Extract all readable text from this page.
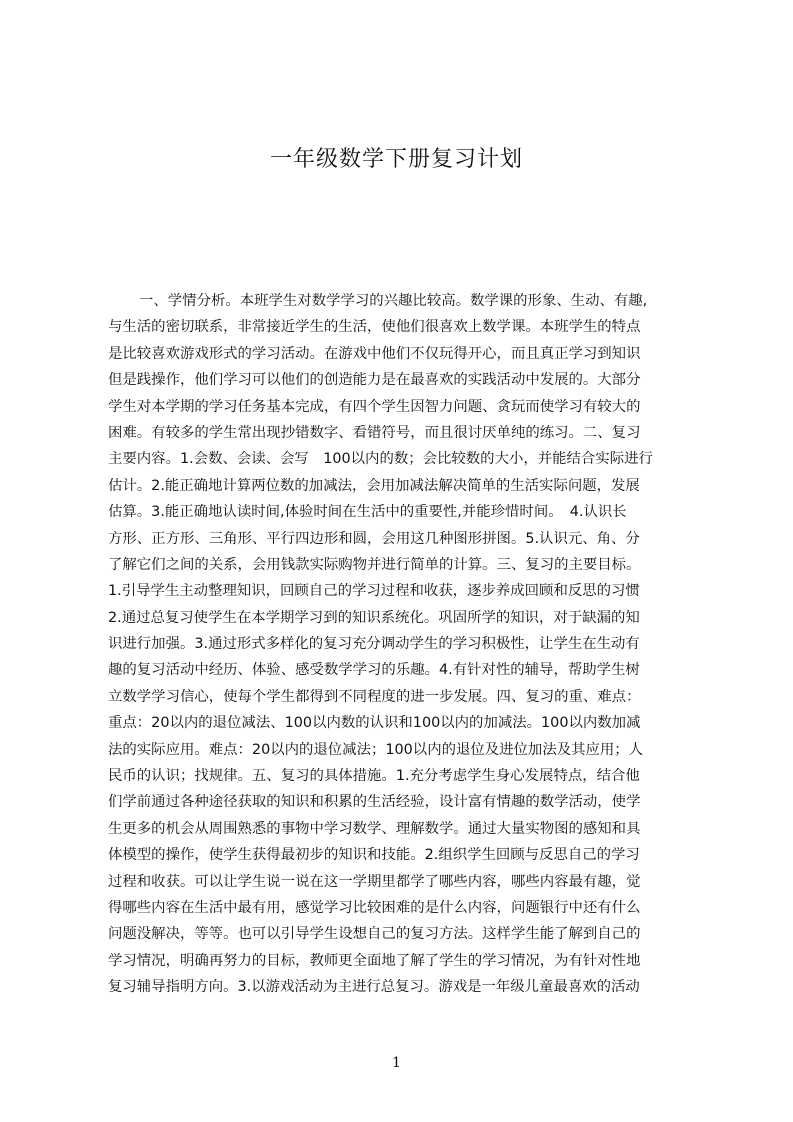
一年级数学下册复习计划
一、学情分析。本班学生对数学学习的兴趣比较高。数学课的形象、生动、有趣,
与生活的密切联系，非常接近学生的生活，使他们很喜欢上数学课。本班学生的特点
是比较喜欢游戏形式的学习活动。在游戏中他们不仅玩得开心，而且真正学习到知识
但是践操作，他们学习可以他们的创造能力是在最喜欢的实践活动中发展的。大部分
学生对本学期的学习任务基本完成，有四个学生因智力问题、贪玩而使学习有较大的
困难。有较多的学生常出现抄错数字、看错符号，而且很讨厌单纯的练习。二、复习
主要内容。1.会数、会读、会写　100以内的数；会比较数的大小，并能结合实际进行
估计。2.能正确地计算两位数的加减法，会用加减法解决简单的生活实际问题，发展
估算。3.能正确地认读时间,体验时间在生活中的重要性,并能珍惜时间。　4.认识长
方形、正方形、三角形、平行四边形和圆，会用这几种图形拼图。5.认识元、角、分
了解它们之间的关系，会用钱款实际购物并进行简单的计算。三、复习的主要目标。
1.引导学生主动整理知识，回顾自己的学习过程和收获，逐步养成回顾和反思的习惯
2.通过总复习使学生在本学期学习到的知识系统化。巩固所学的知识，对于缺漏的知
识进行加强。3.通过形式多样化的复习充分调动学生的学习积极性，让学生在生动有
趣的复习活动中经历、体验、感受数学学习的乐趣。4.有针对性的辅导，帮助学生树
立数学学习信心，使每个学生都得到不同程度的进一步发展。四、复习的重、难点：
重点：20以内的退位减法、100以内数的认识和100以内的加减法。100以内数加减
法的实际应用。难点：20以内的退位减法；100以内的退位及进位加法及其应用；人
民币的认识；找规律。五、复习的具体措施。1.充分考虑学生身心发展特点，结合他
们学前通过各种途径获取的知识和积累的生活经验，设计富有情趣的数学活动，使学
生更多的机会从周围熟悉的事物中学习数学、理解数学。通过大量实物图的感知和具
体模型的操作，使学生获得最初步的知识和技能。2.组织学生回顾与反思自己的学习
过程和收获。可以让学生说一说在这一学期里都学了哪些内容，哪些内容最有趣，觉
得哪些内容在生活中最有用，感觉学习比较困难的是什么内容，问题银行中还有什么
问题没解决，等等。也可以引导学生设想自己的复习方法。这样学生能了解到自己的
学习情况，明确再努力的目标，教师更全面地了解了学生的学习情况，为有针对性地
复习辅导指明方向。3.以游戏活动为主进行总复习。游戏是一年级儿童最喜欢的活动
1
